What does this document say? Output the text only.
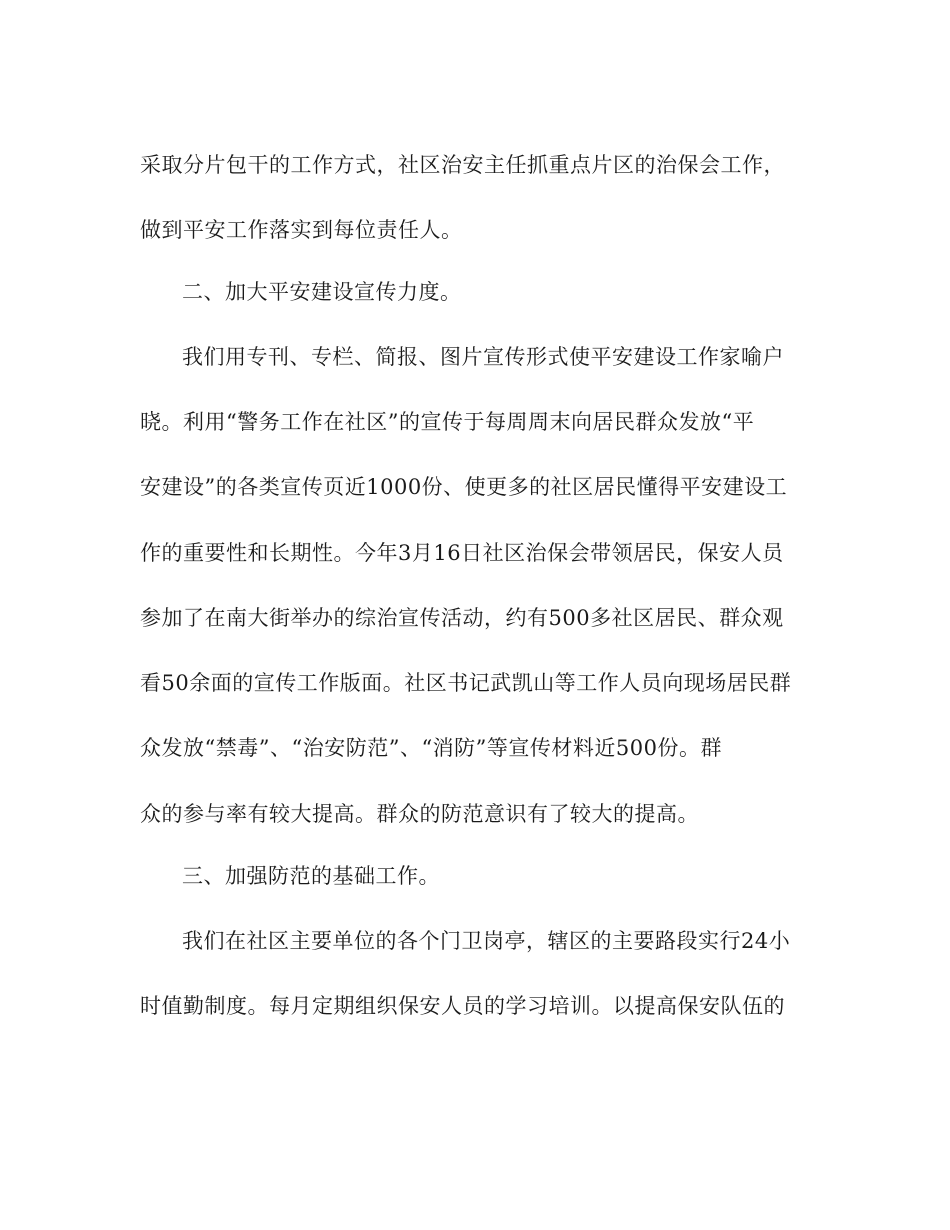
采取分片包干的工作方式，社区治安主任抓重点片区的治保会工作，
做到平安工作落实到每位责任人。
二、加大平安建设宣传力度。
我们用专刊、专栏、简报、图片宣传形式使平安建设工作家喻户
晓。利用“警务工作在社区”的宣传于每周周末向居民群众发放“平
安建设”的各类宣传页近1000份、使更多的社区居民懂得平安建设工
作的重要性和长期性。今年3月16日社区治保会带领居民，保安人员
参加了在南大街举办的综治宣传活动，约有500多社区居民、群众观
看50余面的宣传工作版面。社区书记武凯山等工作人员向现场居民群
众发放“禁毒”、“治安防范”、“消防”等宣传材料近500份。群
众的参与率有较大提高。群众的防范意识有了较大的提高。
三、加强防范的基础工作。
我们在社区主要单位的各个门卫岗亭，辖区的主要路段实行24小
时值勤制度。每月定期组织保安人员的学习培训。以提高保安队伍的
